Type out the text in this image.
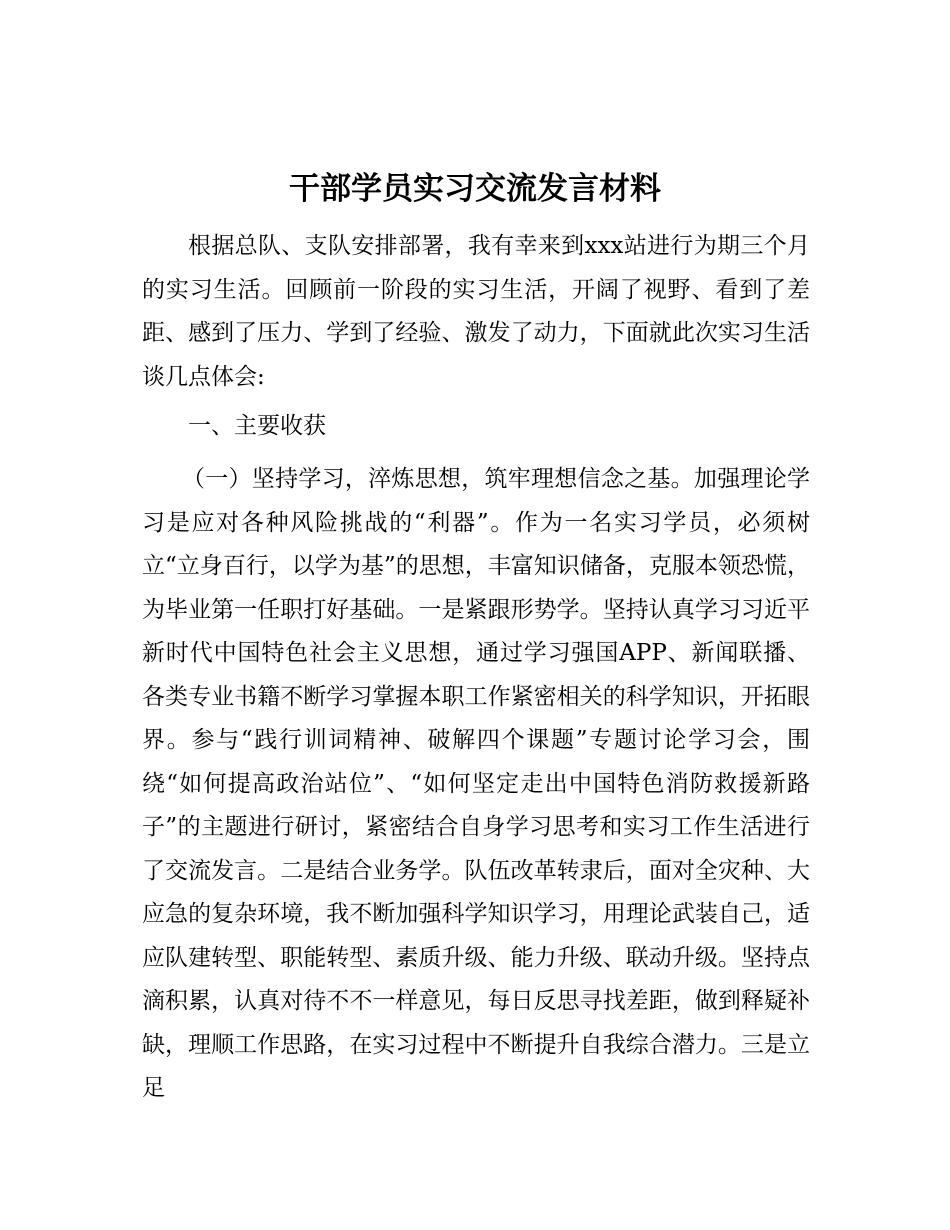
干部学员实习交流发言材料

根据总队、支队安排部署，我有幸来到xxx站进行为期三个月的实习生活。回顾前一阶段的实习生活，开阔了视野、看到了差距、感到了压力、学到了经验、激发了动力，下面就此次实习生活谈几点体会:

一、主要收获

（一）坚持学习，淬炼思想，筑牢理想信念之基。加强理论学习是应对各种风险挑战的“利器”。作为一名实习学员，必须树立“立身百行，以学为基”的思想，丰富知识储备，克服本领恐慌，为毕业第一任职打好基础。一是紧跟形势学。坚持认真学习习近平新时代中国特色社会主义思想，通过学习强国APP、新闻联播、各类专业书籍不断学习掌握本职工作紧密相关的科学知识，开拓眼界。参与“践行训词精神、破解四个课题”专题讨论学习会，围绕“如何提高政治站位”、“如何坚定走出中国特色消防救援新路子”的主题进行研讨，紧密结合自身学习思考和实习工作生活进行了交流发言。二是结合业务学。队伍改革转隶后，面对全灾种、大应急的复杂环境，我不断加强科学知识学习，用理论武装自己，适应队建转型、职能转型、素质升级、能力升级、联动升级。坚持点滴积累，认真对待不不一样意见，每日反思寻找差距，做到释疑补缺，理顺工作思路，在实习过程中不断提升自我综合潜力。三是立足
